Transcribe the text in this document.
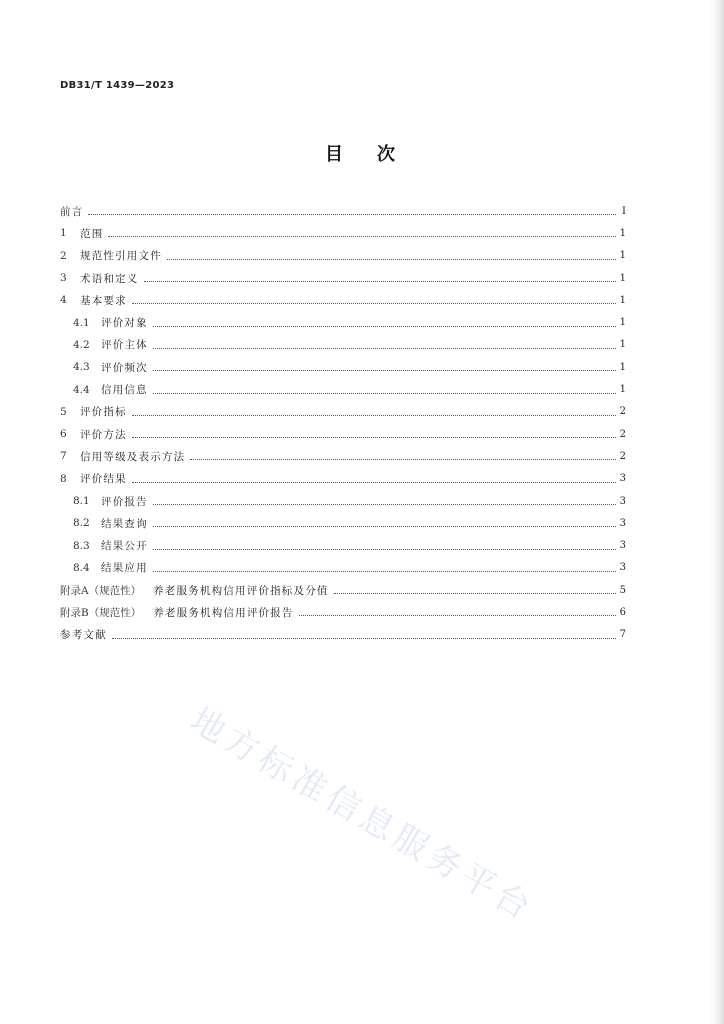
DB31/T 1439—2023
目次
前言	I
1	范围	1
2	规范性引用文件	1
3	术语和定义	1
4	基本要求	1
4.1	评价对象	1
4.2	评价主体	1
4.3	评价频次	1
4.4	信用信息	1
5	评价指标	2
6	评价方法	2
7	信用等级及表示方法	2
8	评价结果	3
8.1	评价报告	3
8.2	结果查询	3
8.3	结果公开	3
8.4	结果应用	3
附录A（规范性） 养老服务机构信用评价指标及分值	5
附录B（规范性） 养老服务机构信用评价报告	6
参考文献	7
地方标准信息服务平台
